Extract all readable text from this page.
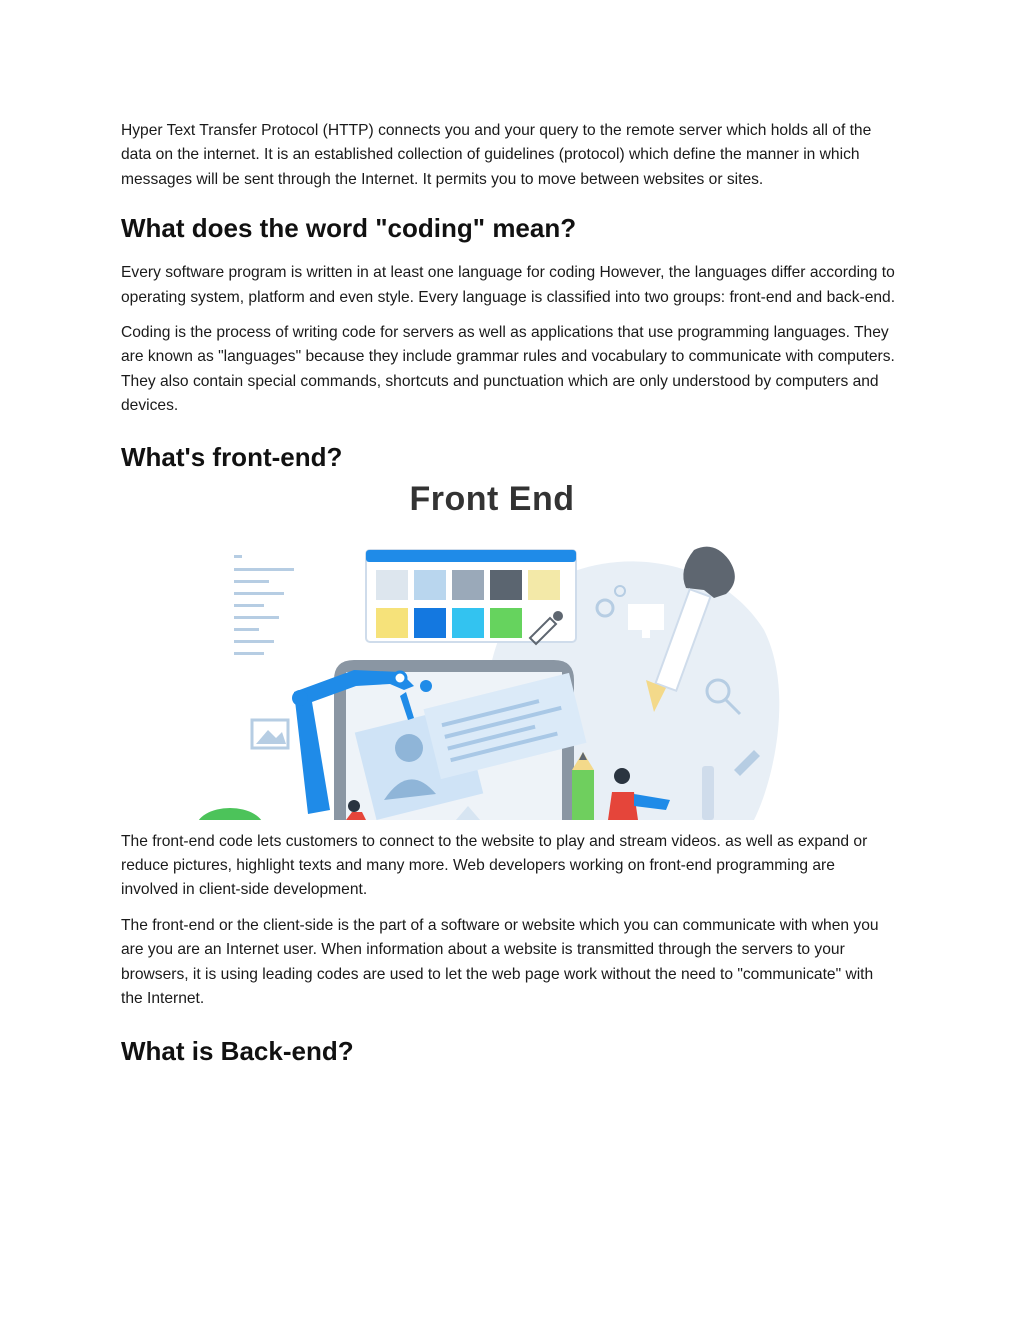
Hyper Text Transfer Protocol (HTTP) connects you and your query to the remote server which holds all of the data on the internet. It is an established collection of guidelines (protocol) which define the manner in which messages will be sent through the Internet. It permits you to move between websites or sites.

What does the word "coding" mean?

Every software program is written in at least one language for coding However, the languages differ according to operating system, platform and even style. Every language is classified into two groups: front-end and back-end.

Coding is the process of writing code for servers as well as applications that use programming languages. They are known as "languages" because they include grammar rules and vocabulary to communicate with computers. They also contain special commands, shortcuts and punctuation which are only understood by computers and devices.

What's front-end?
Front End

The front-end code lets customers to connect to the website to play and stream videos. as well as expand or reduce pictures, highlight texts and many more. Web developers working on front-end programming are involved in client-side development.

The front-end or the client-side is the part of a software or website which you can communicate with when you are you are an Internet user. When information about a website is transmitted through the servers to your browsers, it is using leading codes are used to let the web page work without the need to "communicate" with the Internet.

What is Back-end?
